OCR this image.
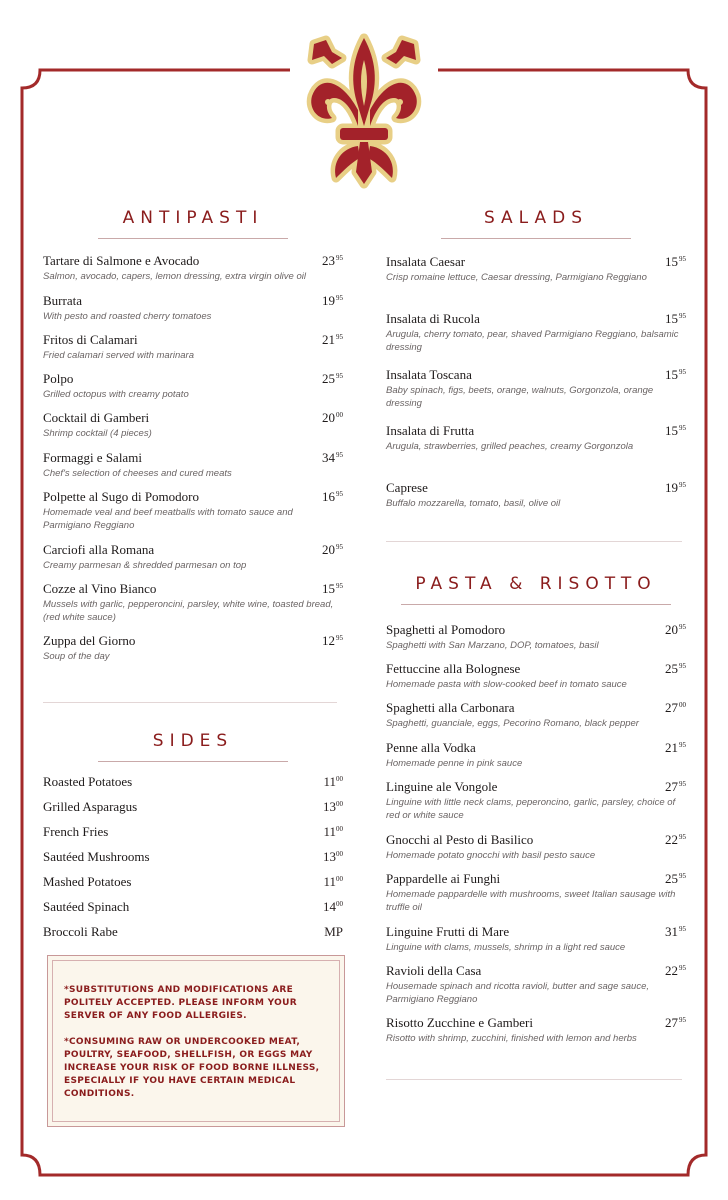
ANTIPASTI
Tartare di Salmone e Avocado	$23^{95}$
Salmon, avocado, capers, lemon dressing, extra virgin olive oil
Burrata	$19^{95}$
With pesto and roasted cherry tomatoes
Fritos di Calamari	$21^{95}$
Fried calamari served with marinara
Polpo	$25^{95}$
Grilled octopus with creamy potato
Cocktail di Gamberi	$20^{00}$
Shrimp cocktail (4 pieces)
Formaggi e Salami	$34^{95}$
Chef's selection of cheeses and cured meats
Polpette al Sugo di Pomodoro	$16^{95}$
Homemade veal and beef meatballs with tomato sauce and Parmigiano Reggiano
Carciofi alla Romana	$20^{95}$
Creamy parmesan & shredded parmesan on top
Cozze al Vino Bianco	$15^{95}$
Mussels with garlic, pepperoncini, parsley, white wine, toasted bread, (red white sauce)
Zuppa del Giorno	$12^{95}$
Soup of the day
SIDES
Roasted Potatoes	$11^{00}$
Grilled Asparagus	$13^{00}$
French Fries	$11^{00}$
Sautéed Mushrooms	$13^{00}$
Mashed Potatoes	$11^{00}$
Sautéed Spinach	$14^{00}$
Broccoli Rabe	MP
SALADS
Insalata Caesar	$15^{95}$
Crisp romaine lettuce, Caesar dressing, Parmigiano Reggiano
Insalata di Rucola	$15^{95}$
Arugula, cherry tomato, pear, shaved Parmigiano Reggiano, balsamic dressing
Insalata Toscana	$15^{95}$
Baby spinach, figs, beets, orange, walnuts, Gorgonzola, orange dressing
Insalata di Frutta	$15^{95}$
Arugula, strawberries, grilled peaches, creamy Gorgonzola
Caprese	$19^{95}$
Buffalo mozzarella, tomato, basil, olive oil
PASTA & RISOTTO
Spaghetti al Pomodoro	$20^{95}$
Spaghetti with San Marzano, DOP, tomatoes, basil
Fettuccine alla Bolognese	$25^{95}$
Homemade pasta with slow-cooked beef in tomato sauce
Spaghetti alla Carbonara	$27^{00}$
Spaghetti, guanciale, eggs, Pecorino Romano, black pepper
Penne alla Vodka	$21^{95}$
Homemade penne in pink sauce
Linguine ale Vongole	$27^{95}$
Linguine with little neck clams, peperoncino, garlic, parsley, choice of red or white sauce
Gnocchi al Pesto di Basilico	$22^{95}$
Homemade potato gnocchi with basil pesto sauce
Pappardelle ai Funghi	$25^{95}$
Homemade pappardelle with mushrooms, sweet Italian sausage with truffle oil
Linguine Frutti di Mare	$31^{95}$
Linguine with clams, mussels, shrimp in a light red sauce
Ravioli della Casa	$22^{95}$
Housemade spinach and ricotta ravioli, butter and sage sauce, Parmigiano Reggiano
Risotto Zucchine e Gamberi	$27^{95}$
Risotto with shrimp, zucchini, finished with lemon and herbs

*SUBSTITUTIONS AND MODIFICATIONS ARE POLITELY ACCEPTED. PLEASE INFORM YOUR SERVER OF ANY FOOD ALLERGIES.

*CONSUMING RAW OR UNDERCOOKED MEAT, POULTRY, SEAFOOD, SHELLFISH, OR EGGS MAY INCREASE YOUR RISK OF FOOD BORNE ILLNESS, ESPECIALLY IF YOU HAVE CERTAIN MEDICAL CONDITIONS.
